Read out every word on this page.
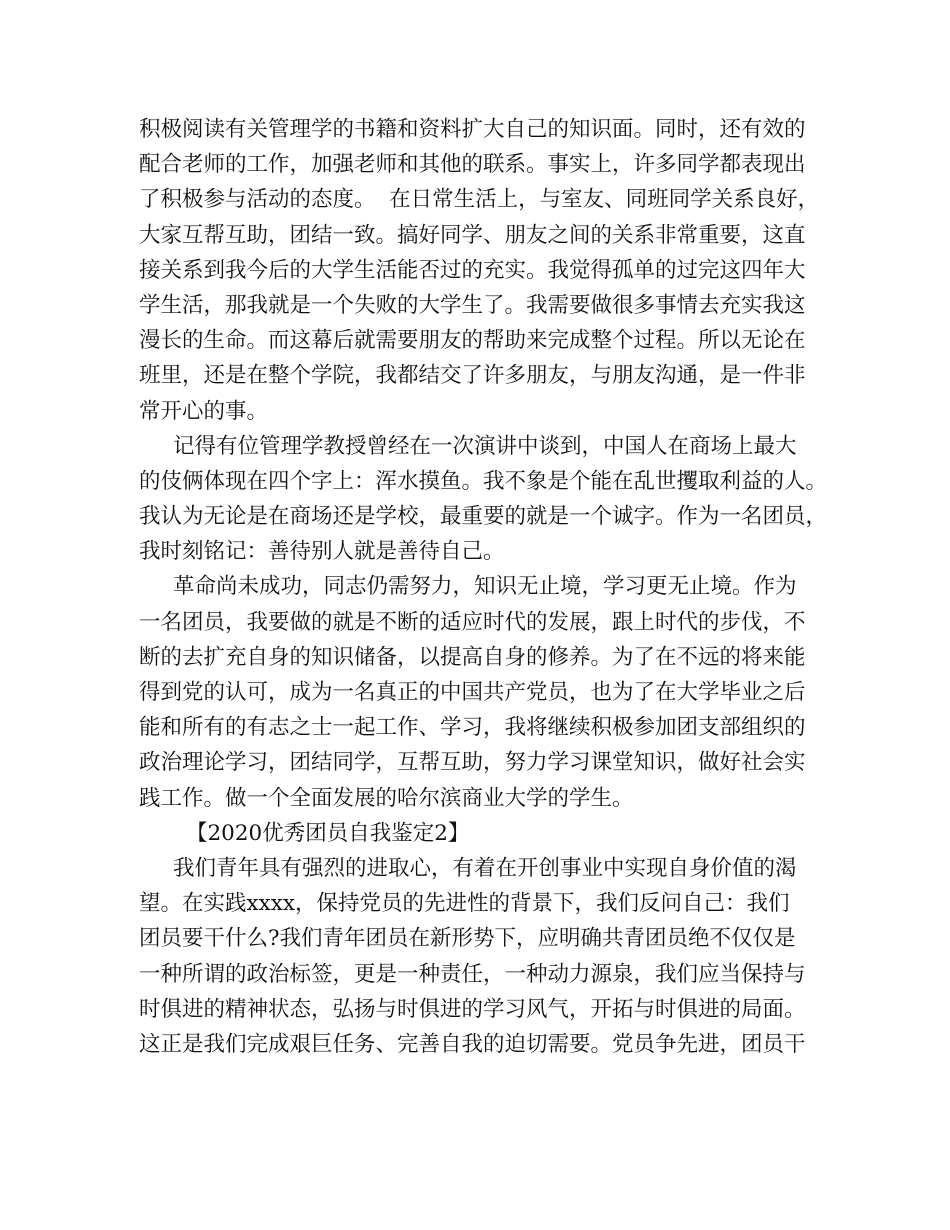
积极阅读有关管理学的书籍和资料扩大自己的知识面。同时，还有效的
配合老师的工作，加强老师和其他的联系。事实上，许多同学都表现出
了积极参与活动的态度。  在日常生活上，与室友、同班同学关系良好，
大家互帮互助，团结一致。搞好同学、朋友之间的关系非常重要，这直
接关系到我今后的大学生活能否过的充实。我觉得孤单的过完这四年大
学生活，那我就是一个失败的大学生了。我需要做很多事情去充实我这
漫长的生命。而这幕后就需要朋友的帮助来完成整个过程。所以无论在
班里，还是在整个学院，我都结交了许多朋友，与朋友沟通，是一件非
常开心的事。
记得有位管理学教授曾经在一次演讲中谈到，中国人在商场上最大
的伎俩体现在四个字上：浑水摸鱼。我不象是个能在乱世攫取利益的人。
我认为无论是在商场还是学校，最重要的就是一个诚字。作为一名团员，
我时刻铭记：善待别人就是善待自己。
革命尚未成功，同志仍需努力，知识无止境，学习更无止境。作为
一名团员，我要做的就是不断的适应时代的发展，跟上时代的步伐，不
断的去扩充自身的知识储备，以提高自身的修养。为了在不远的将来能
得到党的认可，成为一名真正的中国共产党员，也为了在大学毕业之后
能和所有的有志之士一起工作、学习，我将继续积极参加团支部组织的
政治理论学习，团结同学，互帮互助，努力学习课堂知识，做好社会实
践工作。做一个全面发展的哈尔滨商业大学的学生。
【2020优秀团员自我鉴定2】
我们青年具有强烈的进取心，有着在开创事业中实现自身价值的渴
望。在实践xxxx，保持党员的先进性的背景下，我们反问自己：我们
团员要干什么?我们青年团员在新形势下，应明确共青团员绝不仅仅是
一种所谓的政治标签，更是一种责任，一种动力源泉，我们应当保持与
时俱进的精神状态，弘扬与时俱进的学习风气，开拓与时俱进的局面。
这正是我们完成艰巨任务、完善自我的迫切需要。党员争先进，团员干
